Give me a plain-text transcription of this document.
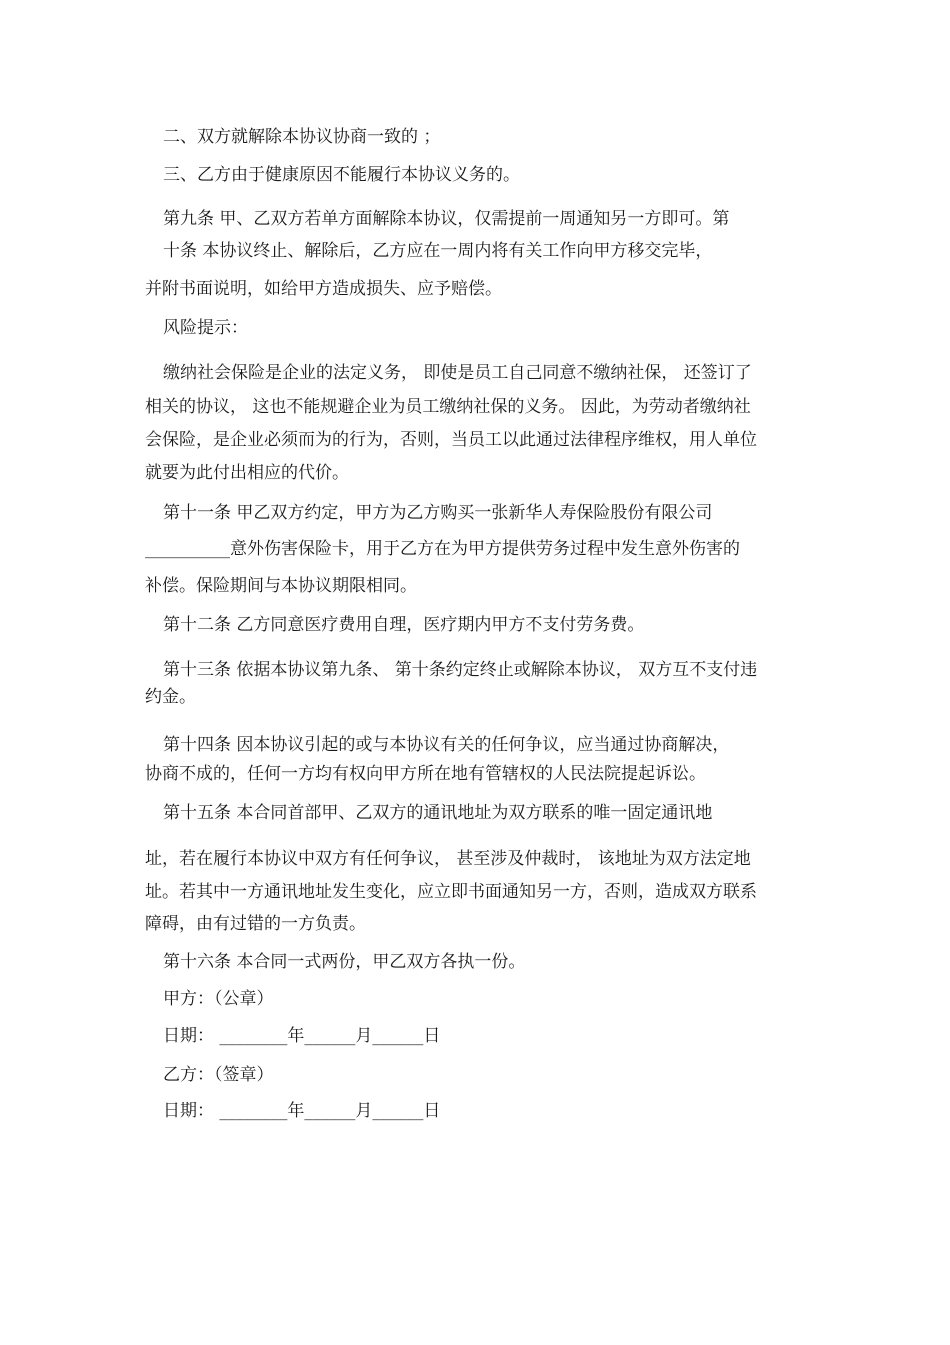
二、双方就解除本协议协商一致的 ；
三、乙方由于健康原因不能履行本协议义务的。
第九条 甲、乙双方若单方面解除本协议，仅需提前一周通知另一方即可。第
十条 本协议终止、解除后，乙方应在一周内将有关工作向甲方移交完毕，
并附书面说明，如给甲方造成损失、应予赔偿。
风险提示：
缴纳社会保险是企业的法定义务， 即使是员工自己同意不缴纳社保， 还签订了
相关的协议， 这也不能规避企业为员工缴纳社保的义务。 因此，为劳动者缴纳社
会保险，是企业必须而为的行为，否则，当员工以此通过法律程序维权，用人单位
就要为此付出相应的代价。
第十一条 甲乙双方约定，甲方为乙方购买一张新华人寿保险股份有限公司
__________意外伤害保险卡，用于乙方在为甲方提供劳务过程中发生意外伤害的
补偿。保险期间与本协议期限相同。
第十二条 乙方同意医疗费用自理，医疗期内甲方不支付劳务费。
第十三条 依据本协议第九条、 第十条约定终止或解除本协议， 双方互不支付违
约金。
第十四条 因本协议引起的或与本协议有关的任何争议，应当通过协商解决，
协商不成的，任何一方均有权向甲方所在地有管辖权的人民法院提起诉讼。
第十五条 本合同首部甲、乙双方的通讯地址为双方联系的唯一固定通讯地
址，若在履行本协议中双方有任何争议， 甚至涉及仲裁时， 该地址为双方法定地
址。若其中一方通讯地址发生变化，应立即书面通知另一方，否则，造成双方联系
障碍，由有过错的一方负责。
第十六条 本合同一式两份，甲乙双方各执一份。
甲方：（公章）
日期： ________年______月______日
乙方：（签章）
日期： ________年______月______日
